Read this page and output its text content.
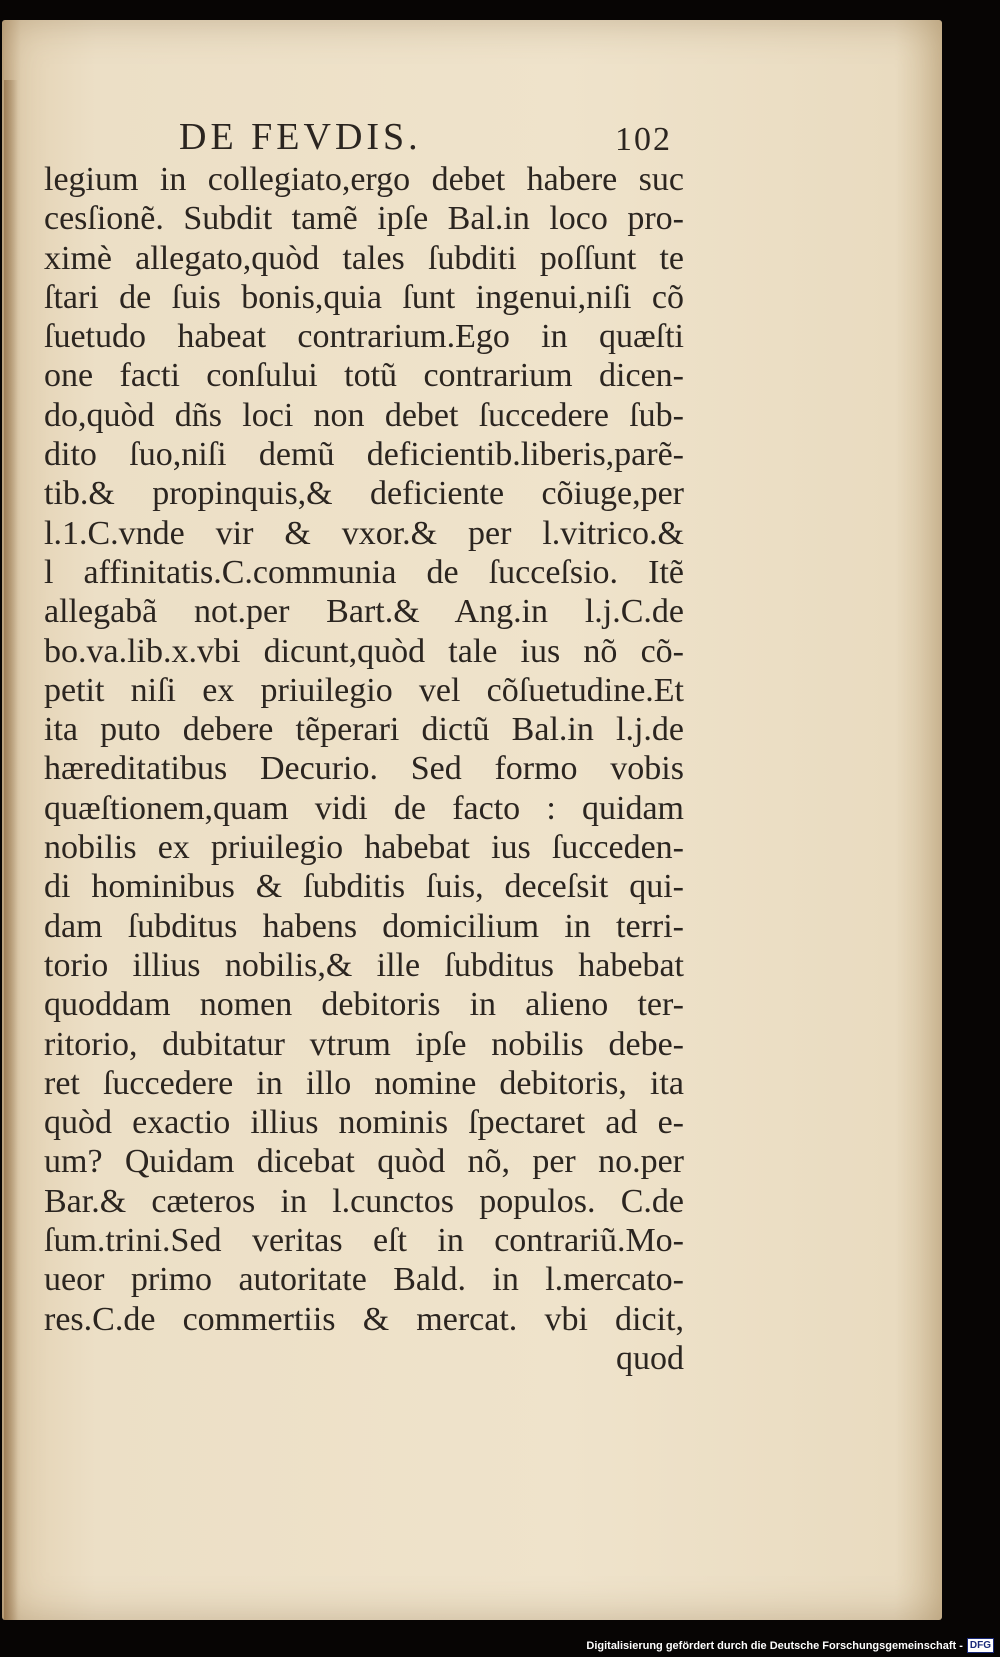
DE FEVDIS.	102
legium in collegiato,ergo debet habere suc
cesſionẽ. Subdit tamẽ ipſe Bal.in loco pro-
ximè allegato,quòd tales ſubditi poſſunt te
ſtari de ſuis bonis,quia ſunt ingenui,niſi cõ
ſuetudo habeat contrarium.Ego in quæſti
one facti conſului totũ contrarium dicen-
do,quòd dñs loci non debet ſuccedere ſub-
dito ſuo,niſi demũ deficientib.liberis,parẽ-
tib.& propinquis,& deficiente cõiuge,per
l.1.C.vnde vir & vxor.& per l.vitrico.&
l affinitatis.C.communia de ſucceſsio. Itẽ
allegabã not.per Bart.& Ang.in l.j.C.de
bo.va.lib.x.vbi dicunt,quòd tale ius nõ cõ-
petit niſi ex priuilegio vel cõſuetudine.Et
ita puto debere tẽperari dictũ Bal.in l.j.de
hæreditatibus Decurio. Sed formo vobis
quæſtionem,quam vidi de facto : quidam
nobilis ex priuilegio habebat ius ſucceden-
di hominibus & ſubditis ſuis, deceſsit qui-
dam ſubditus habens domicilium in terri-
torio illius nobilis,& ille ſubditus habebat
quoddam nomen debitoris in alieno ter-
ritorio, dubitatur vtrum ipſe nobilis debe-
ret ſuccedere in illo nomine debitoris, ita
quòd exactio illius nominis ſpectaret ad e-
um? Quidam dicebat quòd nõ, per no.per
Bar.& cæteros in l.cunctos populos. C.de
ſum.trini.Sed veritas eſt in contrariũ.Mo-
ueor primo autoritate Bald. in l.mercato-
res.C.de commertiis & mercat. vbi dicit,
quod
Digitalisierung gefördert durch die Deutsche Forschungsgemeinschaft - DFG
